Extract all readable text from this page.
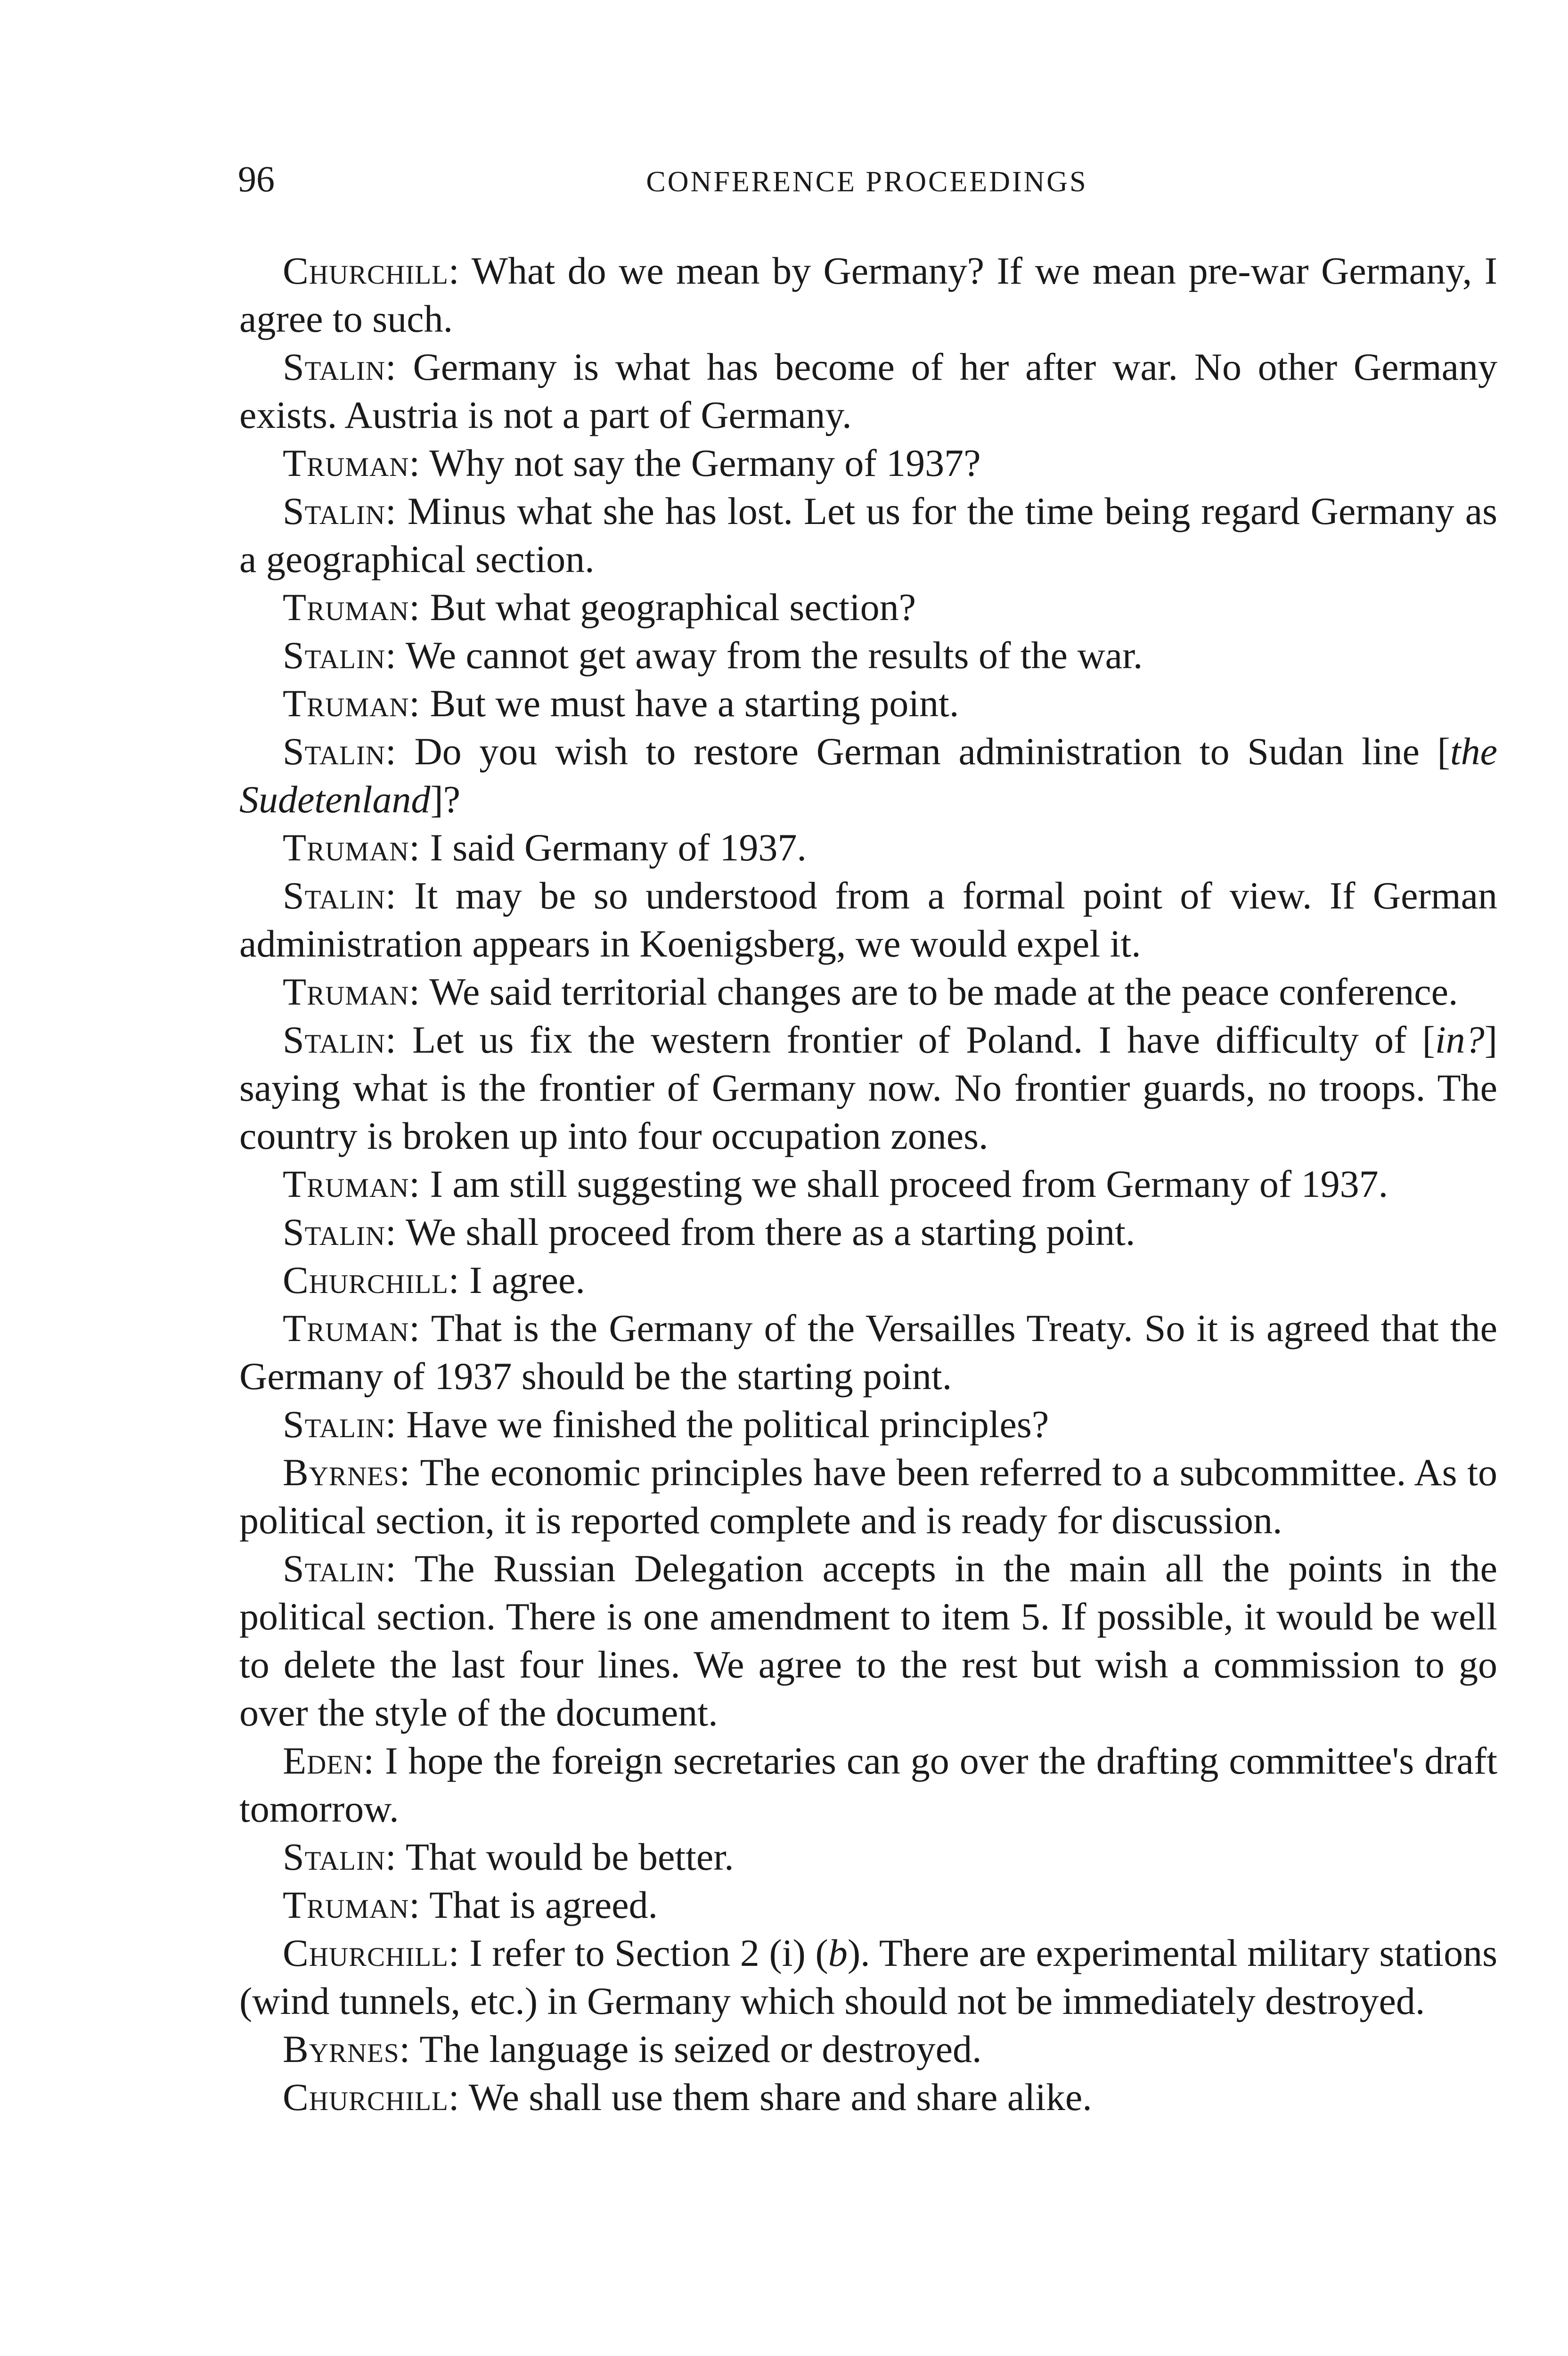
96	CONFERENCE PROCEEDINGS

Churchill: What do we mean by Germany? If we mean pre-war Germany, I agree to such.

Stalin: Germany is what has become of her after war. No other Germany exists. Austria is not a part of Germany.

Truman: Why not say the Germany of 1937?

Stalin: Minus what she has lost. Let us for the time being regard Germany as a geographical section.

Truman: But what geographical section?

Stalin: We cannot get away from the results of the war.

Truman: But we must have a starting point.

Stalin: Do you wish to restore German administration to Sudan line [the Sudetenland]?

Truman: I said Germany of 1937.

Stalin: It may be so understood from a formal point of view. If German administration appears in Koenigsberg, we would expel it.

Truman: We said territorial changes are to be made at the peace conference.

Stalin: Let us fix the western frontier of Poland. I have difficulty of [in?] saying what is the frontier of Germany now. No frontier guards, no troops. The country is broken up into four occupation zones.

Truman: I am still suggesting we shall proceed from Germany of 1937.

Stalin: We shall proceed from there as a starting point.

Churchill: I agree.

Truman: That is the Germany of the Versailles Treaty. So it is agreed that the Germany of 1937 should be the starting point.

Stalin: Have we finished the political principles?

Byrnes: The economic principles have been referred to a subcommittee. As to political section, it is reported complete and is ready for discussion.

Stalin: The Russian Delegation accepts in the main all the points in the political section. There is one amendment to item 5. If possible, it would be well to delete the last four lines. We agree to the rest but wish a commission to go over the style of the document.

Eden: I hope the foreign secretaries can go over the drafting committee's draft tomorrow.

Stalin: That would be better.

Truman: That is agreed.

Churchill: I refer to Section 2 (i) (b). There are experimental military stations (wind tunnels, etc.) in Germany which should not be immediately destroyed.

Byrnes: The language is seized or destroyed.

Churchill: We shall use them share and share alike.
